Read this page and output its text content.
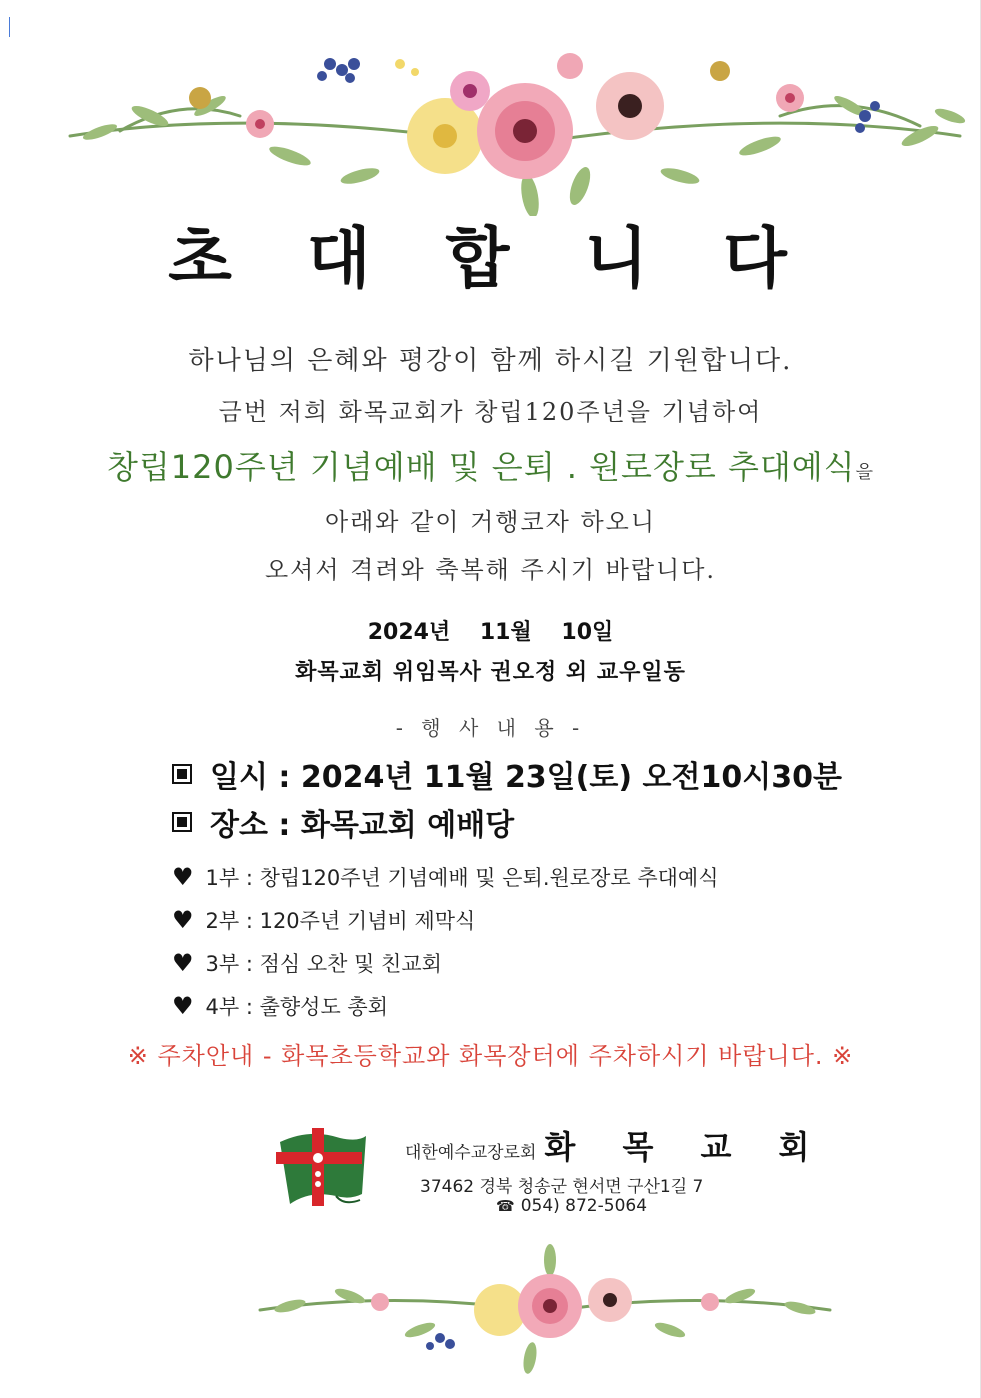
초 대 합 니 다
하나님의 은혜와 평강이 함께 하시길 기원합니다.
금번 저희 화목교회가 창립120주년을 기념하여
창립120주년 기념예배 및 은퇴 . 원로장로 추대예식을
아래와 같이 거행코자 하오니
오셔서 격려와 축복해 주시기 바랍니다.
2024년 11월 10일
화목교회 위임목사 권오정 외 교우일동
- 행 사 내 용 -
일시 : 2024년 11월 23일(토) 오전10시30분
장소 : 화목교회 예배당
♥ 1부 : 창립120주년 기념예배 및 은퇴.원로장로 추대예식
♥ 2부 : 120주년 기념비 제막식
♥ 3부 : 점심 오찬 및 친교회
♥ 4부 : 출향성도 총회
※ 주차안내 - 화목초등학교와 화목장터에 주차하시기 바랍니다. ※
대한예수교장로회 화 목 교 회
37462 경북 청송군 현서면 구산1길 7
☎ 054) 872-5064
